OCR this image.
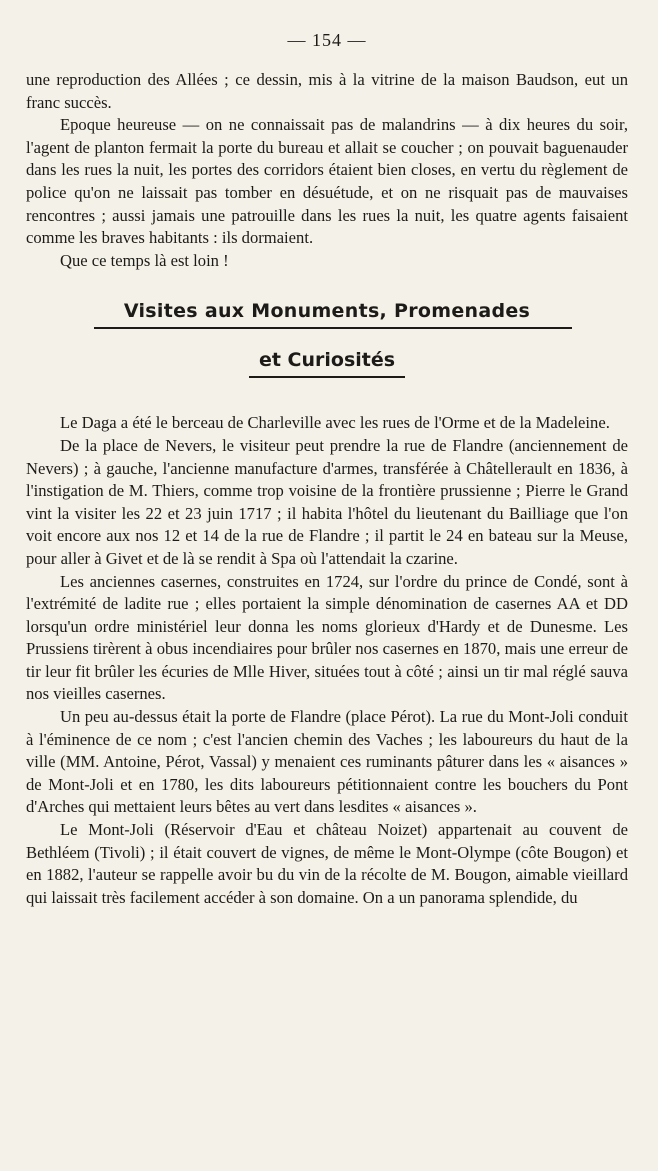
— 154 —

une reproduction des Allées ; ce dessin, mis à la vitrine de la maison Baudson, eut un franc succès.

Epoque heureuse — on ne connaissait pas de malandrins — à dix heures du soir, l'agent de planton fermait la porte du bureau et allait se coucher ; on pouvait baguenauder dans les rues la nuit, les portes des corridors étaient bien closes, en vertu du règlement de police qu'on ne laissait pas tomber en désuétude, et on ne risquait pas de mauvaises rencontres ; aussi jamais une patrouille dans les rues la nuit, les quatre agents faisaient comme les braves habitants : ils dormaient.

Que ce temps là est loin !

Visites aux Monuments, Promenades
et Curiosités

Le Daga a été le berceau de Charleville avec les rues de l'Orme et de la Madeleine.

De la place de Nevers, le visiteur peut prendre la rue de Flandre (anciennement de Nevers) ; à gauche, l'ancienne manufacture d'armes, transférée à Châtellerault en 1836, à l'instigation de M. Thiers, comme trop voisine de la frontière prussienne ; Pierre le Grand vint la visiter les 22 et 23 juin 1717 ; il habita l'hôtel du lieutenant du Bailliage que l'on voit encore aux nos 12 et 14 de la rue de Flandre ; il partit le 24 en bateau sur la Meuse, pour aller à Givet et de là se rendit à Spa où l'attendait la czarine.

Les anciennes casernes, construites en 1724, sur l'ordre du prince de Condé, sont à l'extrémité de ladite rue ; elles portaient la simple dénomination de casernes AA et DD lorsqu'un ordre ministériel leur donna les noms glorieux d'Hardy et de Dunesme. Les Prussiens tirèrent à obus incendiaires pour brûler nos casernes en 1870, mais une erreur de tir leur fit brûler les écuries de Mlle Hiver, situées tout à côté ; ainsi un tir mal réglé sauva nos vieilles casernes.

Un peu au-dessus était la porte de Flandre (place Pérot). La rue du Mont-Joli conduit à l'éminence de ce nom ; c'est l'ancien chemin des Vaches ; les laboureurs du haut de la ville (MM. Antoine, Pérot, Vassal) y menaient ces ruminants pâturer dans les « aisances » de Mont-Joli et en 1780, les dits laboureurs pétitionnaient contre les bouchers du Pont d'Arches qui mettaient leurs bêtes au vert dans lesdites « aisances ».

Le Mont-Joli (Réservoir d'Eau et château Noizet) appartenait au couvent de Bethléem (Tivoli) ; il était couvert de vignes, de même le Mont-Olympe (côte Bougon) et en 1882, l'auteur se rappelle avoir bu du vin de la récolte de M. Bougon, aimable vieillard qui laissait très facilement accéder à son domaine. On a un panorama splendide, du
